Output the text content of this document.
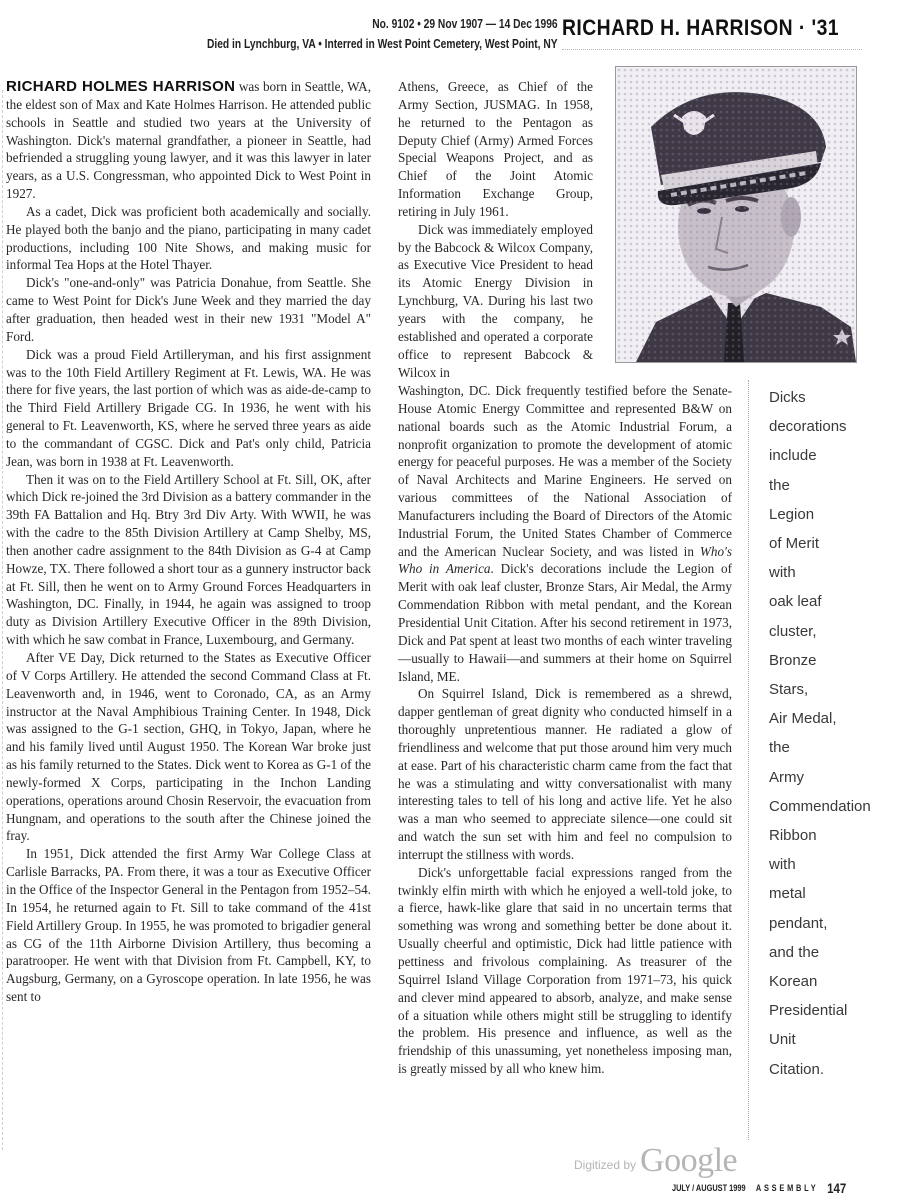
No. 9102 • 29 Nov 1907 — 14 Dec 1996
Died in Lynchburg, VA • Interred in West Point Cemetery, West Point, NY
RICHARD H. HARRISON · '31

RICHARD HOLMES HARRISON was born in Seattle, WA, the eldest son of Max and Kate Holmes Harrison. He attended public schools in Seattle and studied two years at the University of Washington. Dick's maternal grandfather, a pioneer in Seattle, had befriended a struggling young lawyer, and it was this lawyer in later years, as a U.S. Congressman, who appointed Dick to West Point in 1927.

As a cadet, Dick was proficient both academically and socially. He played both the banjo and the piano, participating in many cadet productions, including 100 Nite Shows, and making music for informal Tea Hops at the Hotel Thayer.

Dick's "one-and-only" was Patricia Donahue, from Seattle. She came to West Point for Dick's June Week and they married the day after graduation, then headed west in their new 1931 "Model A" Ford.

Dick was a proud Field Artilleryman, and his first assignment was to the 10th Field Artillery Regiment at Ft. Lewis, WA. He was there for five years, the last portion of which was as aide-de-camp to the Third Field Artillery Brigade CG. In 1936, he went with his general to Ft. Leavenworth, KS, where he served three years as aide to the commandant of CGSC. Dick and Pat's only child, Patricia Jean, was born in 1938 at Ft. Leavenworth.

Then it was on to the Field Artillery School at Ft. Sill, OK, after which Dick re-joined the 3rd Division as a battery commander in the 39th FA Battalion and Hq. Btry 3rd Div Arty. With WWII, he was with the cadre to the 85th Division Artillery at Camp Shelby, MS, then another cadre assignment to the 84th Division as G-4 at Camp Howze, TX. There followed a short tour as a gunnery instructor back at Ft. Sill, then he went on to Army Ground Forces Headquarters in Washington, DC. Finally, in 1944, he again was assigned to troop duty as Division Artillery Executive Officer in the 89th Division, with which he saw combat in France, Luxembourg, and Germany.

After VE Day, Dick returned to the States as Executive Officer of V Corps Artillery. He attended the second Command Class at Ft. Leavenworth and, in 1946, went to Coronado, CA, as an Army instructor at the Naval Amphibious Training Center. In 1948, Dick was assigned to the G-1 section, GHQ, in Tokyo, Japan, where he and his family lived until August 1950. The Korean War broke just as his family returned to the States. Dick went to Korea as G-1 of the newly-formed X Corps, participating in the Inchon Landing operations, operations around Chosin Reservoir, the evacuation from Hungnam, and operations to the south after the Chinese joined the fray.

In 1951, Dick attended the first Army War College Class at Carlisle Barracks, PA. From there, it was a tour as Executive Officer in the Office of the Inspector General in the Pentagon from 1952–54. In 1954, he returned again to Ft. Sill to take command of the 41st Field Artillery Group. In 1955, he was promoted to brigadier general as CG of the 11th Airborne Division Artillery, thus becoming a paratrooper. He went with that Division from Ft. Campbell, KY, to Augsburg, Germany, on a Gyroscope operation. In late 1956, he was sent to

Athens, Greece, as Chief of the Army Section, JUSMAG. In 1958, he returned to the Pentagon as Deputy Chief (Army) Armed Forces Special Weapons Project, and as Chief of the Joint Atomic Information Exchange Group, retiring in July 1961.

Dick was immediately employed by the Babcock & Wilcox Company, as Executive Vice President to head its Atomic Energy Division in Lynchburg, VA. During his last two years with the company, he established and operated a corporate office to represent Babcock & Wilcox in

Washington, DC. Dick frequently testified before the Senate-House Atomic Energy Committee and represented B&W on national boards such as the Atomic Industrial Forum, a nonprofit organization to promote the development of atomic energy for peaceful purposes. He was a member of the Society of Naval Architects and Marine Engineers. He served on various committees of the National Association of Manufacturers including the Board of Directors of the Atomic Industrial Forum, the United States Chamber of Commerce and the American Nuclear Society, and was listed in Who's Who in America. Dick's decorations include the Legion of Merit with oak leaf cluster, Bronze Stars, Air Medal, the Army Commendation Ribbon with metal pendant, and the Korean Presidential Unit Citation. After his second retirement in 1973, Dick and Pat spent at least two months of each winter traveling—usually to Hawaii—and summers at their home on Squirrel Island, ME.

On Squirrel Island, Dick is remembered as a shrewd, dapper gentleman of great dignity who conducted himself in a thoroughly unpretentious manner. He radiated a glow of friendliness and welcome that put those around him very much at ease. Part of his characteristic charm came from the fact that he was a stimulating and witty conversationalist with many interesting tales to tell of his long and active life. Yet he also was a man who seemed to appreciate silence—one could sit and watch the sun set with him and feel no compulsion to interrupt the stillness with words.

Dick's unforgettable facial expressions ranged from the twinkly elfin mirth with which he enjoyed a well-told joke, to a fierce, hawk-like glare that said in no uncertain terms that something was wrong and something better be done about it. Usually cheerful and optimistic, Dick had little patience with pettiness and frivolous complaining. As treasurer of the Squirrel Island Village Corporation from 1971–73, his quick and clever mind appeared to absorb, analyze, and make sense of a situation while others might still be struggling to identify the problem. His presence and influence, as well as the friendship of this unassuming, yet nonetheless imposing man, is greatly missed by all who knew him.

Dicks
decorations
include
the
Legion
of Merit
with
oak leaf
cluster,
Bronze
Stars,
Air Medal,
the
Army
Commendation
Ribbon
with
metal
pendant,
and the
Korean
Presidential
Unit
Citation.
Digitized by Google
JULY / AUGUST 1999 ASSEMBLY 147
